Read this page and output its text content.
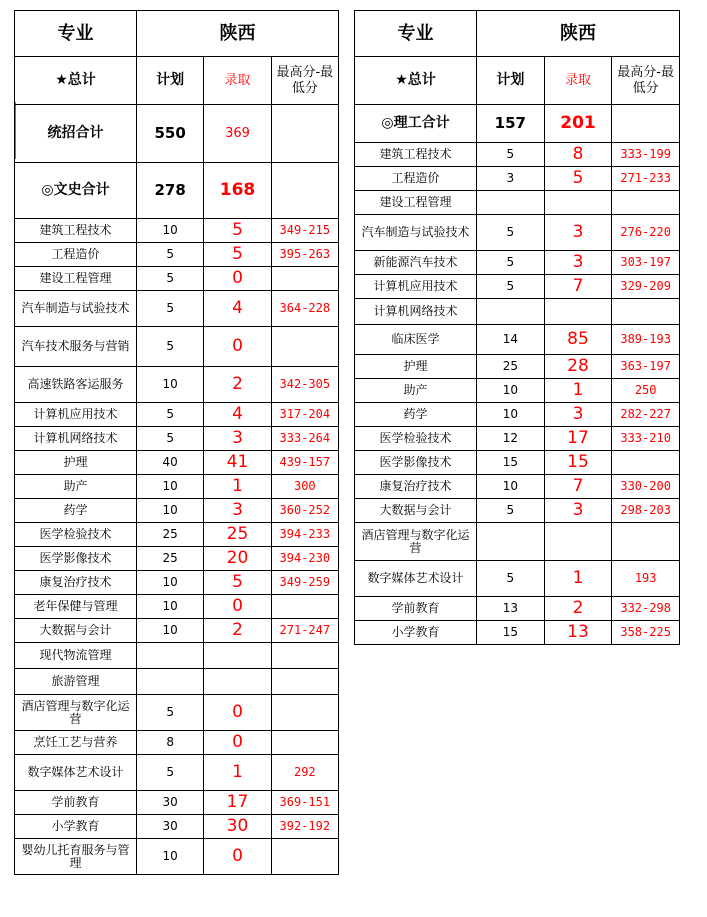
专业	陕西		
★总计	计划	录取	最高分-最低分
统招合计	550	369	
◎文史合计	278	168	
建筑工程技术	10	5	349-215
工程造价	5	5	395-263
建设工程管理	5	0	
汽车制造与试验技术	5	4	364-228
汽车技术服务与营销	5	0	
高速铁路客运服务	10	2	342-305
计算机应用技术	5	4	317-204
计算机网络技术	5	3	333-264
护理	40	41	439-157
助产	10	1	300
药学	10	3	360-252
医学检验技术	25	25	394-233
医学影像技术	25	20	394-230
康复治疗技术	10	5	349-259
老年保健与管理	10	0	
大数据与会计	10	2	271-247
现代物流管理			
旅游管理			
酒店管理与数字化运营	5	0	
烹饪工艺与营养	8	0	
数字媒体艺术设计	5	1	292
学前教育	30	17	369-151
小学教育	30	30	392-192
婴幼儿托育服务与管理	10	0	
专业	陕西		
★总计	计划	录取	最高分-最低分
◎理工合计	157	201	
建筑工程技术	5	8	333-199
工程造价	3	5	271-233
建设工程管理			
汽车制造与试验技术	5	3	276-220
新能源汽车技术	5	3	303-197
计算机应用技术	5	7	329-209
计算机网络技术			
临床医学	14	85	389-193
护理	25	28	363-197
助产	10	1	250
药学	10	3	282-227
医学检验技术	12	17	333-210
医学影像技术	15	15	
康复治疗技术	10	7	330-200
大数据与会计	5	3	298-203
酒店管理与数字化运营			
数字媒体艺术设计	5	1	193
学前教育	13	2	332-298
小学教育	15	13	358-225
